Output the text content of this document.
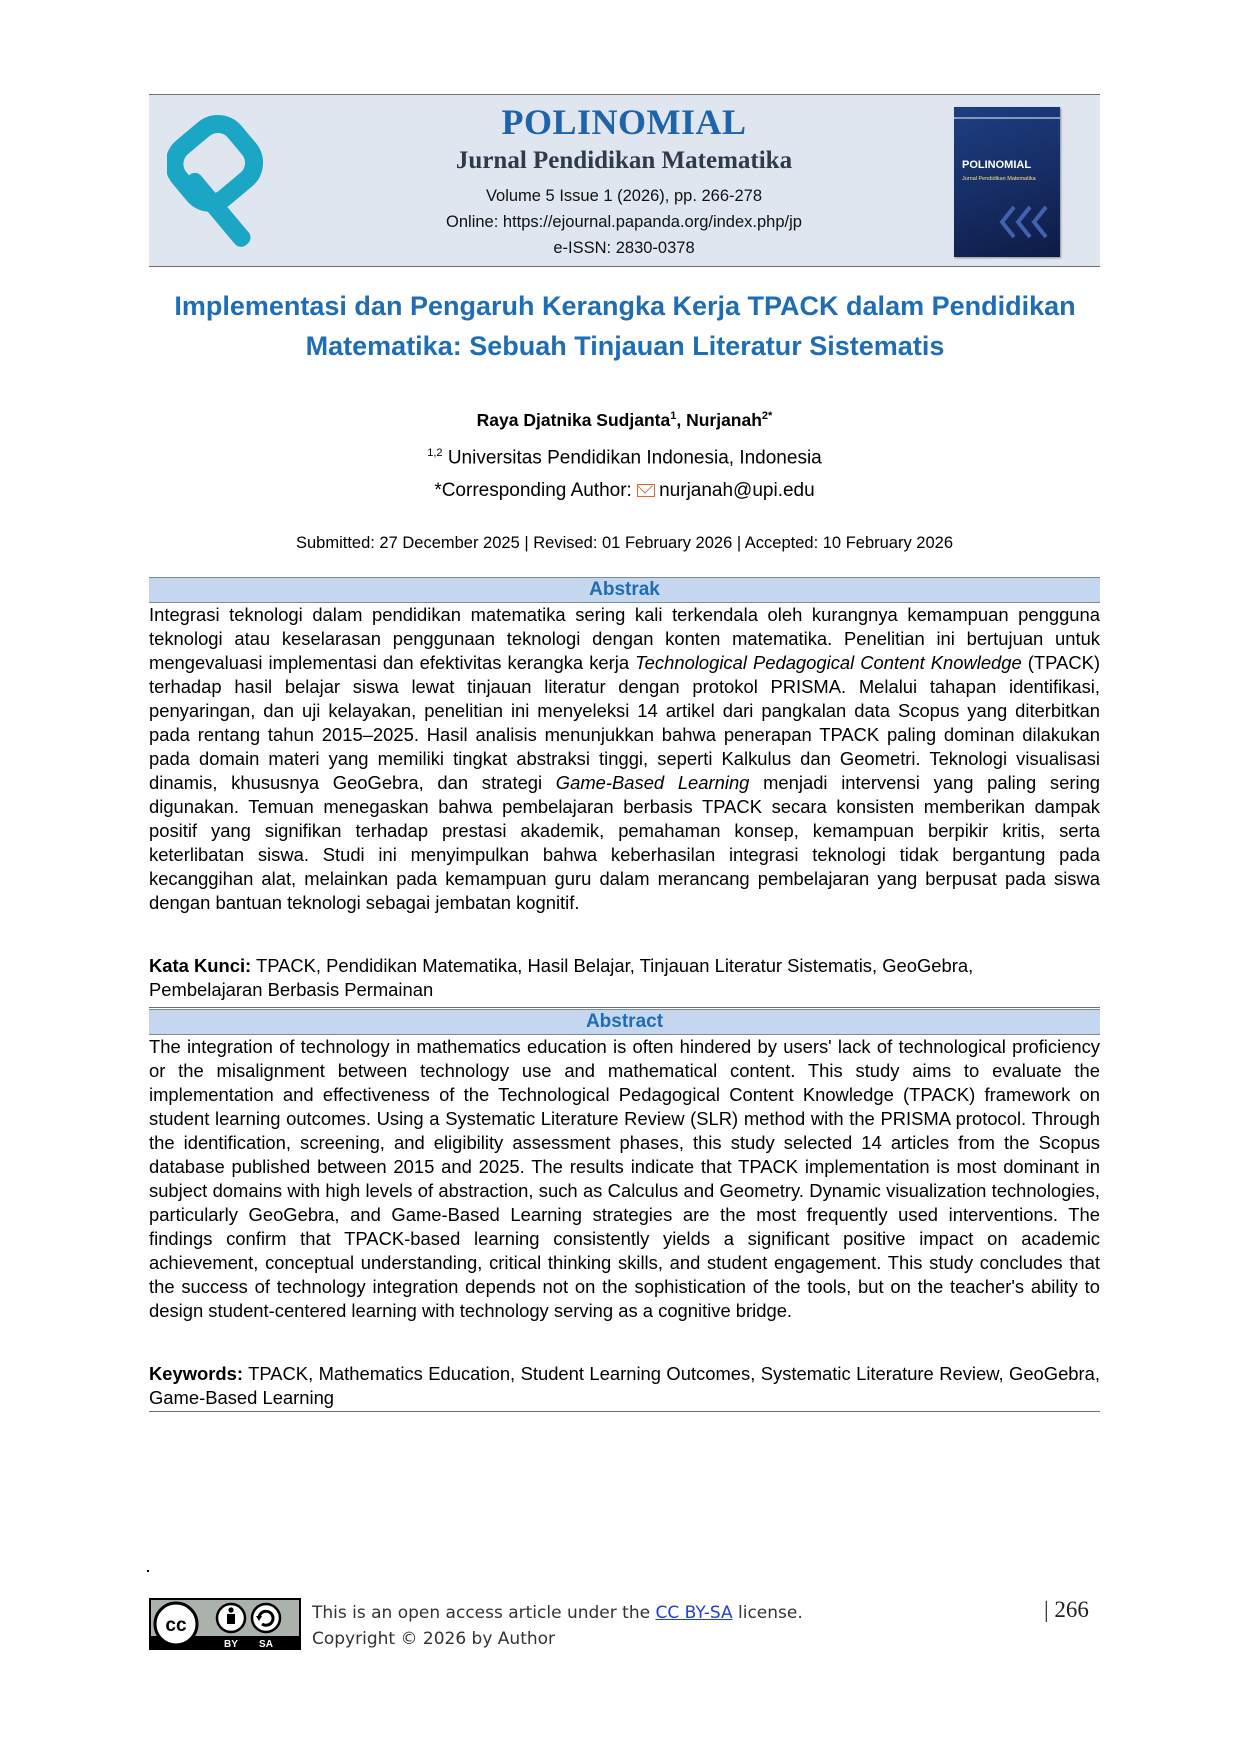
POLINOMIAL
Jurnal Pendidikan Matematika
Volume 5 Issue 1 (2026), pp. 266-278
Online: https://ejournal.papanda.org/index.php/jp
e-ISSN: 2830-0378
POLINOMIAL
Jurnal Pendidikan Matematika
Implementasi dan Pengaruh Kerangka Kerja TPACK dalam Pendidikan Matematika: Sebuah Tinjauan Literatur Sistematis
Raya Djatnika Sudjanta$^1$, Nurjanah$^{2*}$
$^{1,2}$ Universitas Pendidikan Indonesia, Indonesia
*Corresponding Author: nurjanah@upi.edu
Submitted: 27 December 2025 | Revised: 01 February 2026 | Accepted: 10 February 2026
Abstrak
Integrasi teknologi dalam pendidikan matematika sering kali terkendala oleh kurangnya kemampuan pengguna teknologi atau keselarasan penggunaan teknologi dengan konten matematika. Penelitian ini bertujuan untuk mengevaluasi implementasi dan efektivitas kerangka kerja Technological Pedagogical Content Knowledge (TPACK) terhadap hasil belajar siswa lewat tinjauan literatur dengan protokol PRISMA. Melalui tahapan identifikasi, penyaringan, dan uji kelayakan, penelitian ini menyeleksi 14 artikel dari pangkalan data Scopus yang diterbitkan pada rentang tahun 2015–2025. Hasil analisis menunjukkan bahwa penerapan TPACK paling dominan dilakukan pada domain materi yang memiliki tingkat abstraksi tinggi, seperti Kalkulus dan Geometri. Teknologi visualisasi dinamis, khususnya GeoGebra, dan strategi Game-Based Learning menjadi intervensi yang paling sering digunakan. Temuan menegaskan bahwa pembelajaran berbasis TPACK secara konsisten memberikan dampak positif yang signifikan terhadap prestasi akademik, pemahaman konsep, kemampuan berpikir kritis, serta keterlibatan siswa. Studi ini menyimpulkan bahwa keberhasilan integrasi teknologi tidak bergantung pada kecanggihan alat, melainkan pada kemampuan guru dalam merancang pembelajaran yang berpusat pada siswa dengan bantuan teknologi sebagai jembatan kognitif.
Kata Kunci: TPACK, Pendidikan Matematika, Hasil Belajar, Tinjauan Literatur Sistematis, GeoGebra, Pembelajaran Berbasis Permainan
Abstract
The integration of technology in mathematics education is often hindered by users' lack of technological proficiency or the misalignment between technology use and mathematical content. This study aims to evaluate the implementation and effectiveness of the Technological Pedagogical Content Knowledge (TPACK) framework on student learning outcomes. Using a Systematic Literature Review (SLR) method with the PRISMA protocol. Through the identification, screening, and eligibility assessment phases, this study selected 14 articles from the Scopus database published between 2015 and 2025. The results indicate that TPACK implementation is most dominant in subject domains with high levels of abstraction, such as Calculus and Geometry. Dynamic visualization technologies, particularly GeoGebra, and Game-Based Learning strategies are the most frequently used interventions. The findings confirm that TPACK-based learning consistently yields a significant positive impact on academic achievement, conceptual understanding, critical thinking skills, and student engagement. This study concludes that the success of technology integration depends not on the sophistication of the tools, but on the teacher's ability to design student-centered learning with technology serving as a cognitive bridge.
Keywords: TPACK, Mathematics Education, Student Learning Outcomes, Systematic Literature Review, GeoGebra, Game-Based Learning
cc
BY SA
This is an open access article under the CC BY-SA license.
Copyright © 2026 by Author
| 266
